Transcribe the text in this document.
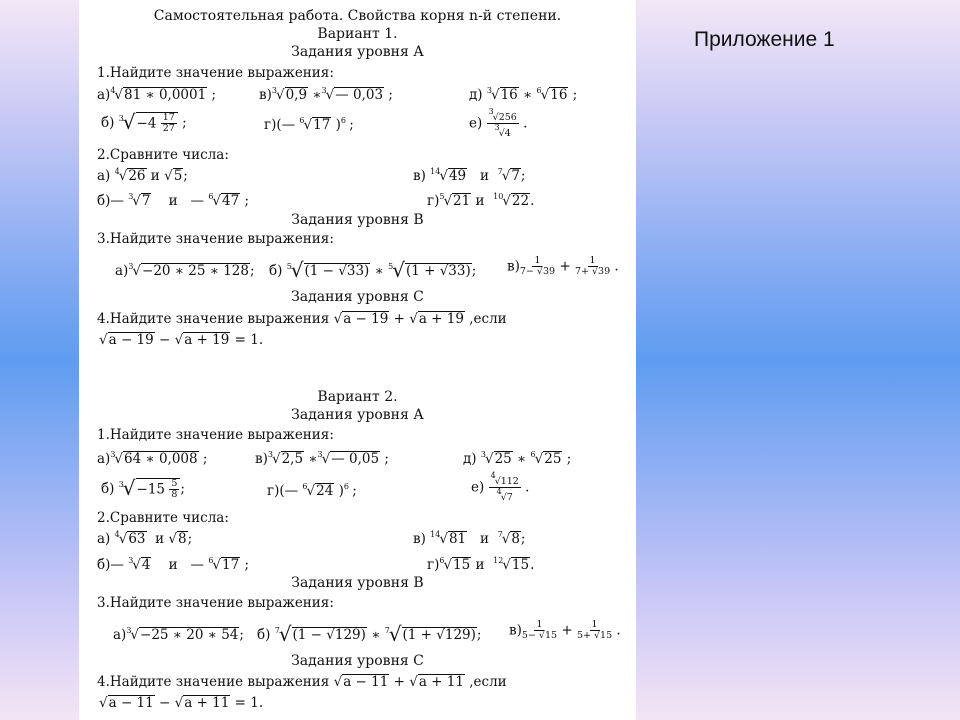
Приложение 1
Самостоятельная работа. Свойства корня n-й степени.
Вариант 1.
Задания уровня А
1.Найдите значение выражения:
а)$^4$√81 ∗ 0,0001 ;	в)$^3$√0,9 ∗$^3$√— 0,03 ;	д) $^3$√16 ∗ $^6$√16 ;
б) $^3√-4 \frac{17}{27}$ ;	г)(— $^6$√17 )$^6$ ;	$е) \frac{^3√256}{^3√4}$ .
2.Сравните числа:
а) $^4$√26 и √5;	в) $^{14}$√49   и  $^7$√7;
б)— $^3$√7    и   — $^6$√47 ;	г)$^5$√21 и  $^{10}$√22.
Задания уровня В
3.Найдите значение выражения:
а)$^3$√−20 ∗ 25 ∗ 128; б) $^5$√(1 − √33) ∗ $^5$√(1 + √33); $в) \frac{1}{7- √39} + \frac{1}{7+ √39}$ .
Задания уровня С
4.Найдите значение выражения √a − 19 + √a + 19 ,если
√a − 19 − √a + 19 = 1.
Вариант 2.
Задания уровня А
1.Найдите значение выражения:
а)$^3$√64 ∗ 0,008 ;	в)$^3$√2,5 ∗$^3$√— 0,05 ;	д) $^3$√25 ∗ $^6$√25 ;
б) $^3√-15 \frac{5}{8}$ ;	г)(— $^6$√24 )$^6$ ;	$е) \frac{^4√112}{^4√7}$ .
2.Сравните числа:
а) $^4$√63  и √8;	в) $^{14}$√81   и  $^7$√8;
б)— $^3$√4    и   — $^6$√17 ;	г)$^6$√15 и  $^{12}$√15.
Задания уровня В
3.Найдите значение выражения:
а)$^3$√−25 ∗ 20 ∗ 54; б) $^7$√(1 − √129) ∗ $^7$√(1 + √129); $в) \frac{1}{5- √15} + \frac{1}{5+ √15}$ .
Задания уровня С
4.Найдите значение выражения √a − 11 + √a + 11 ,если
√a − 11 − √a + 11 = 1.
